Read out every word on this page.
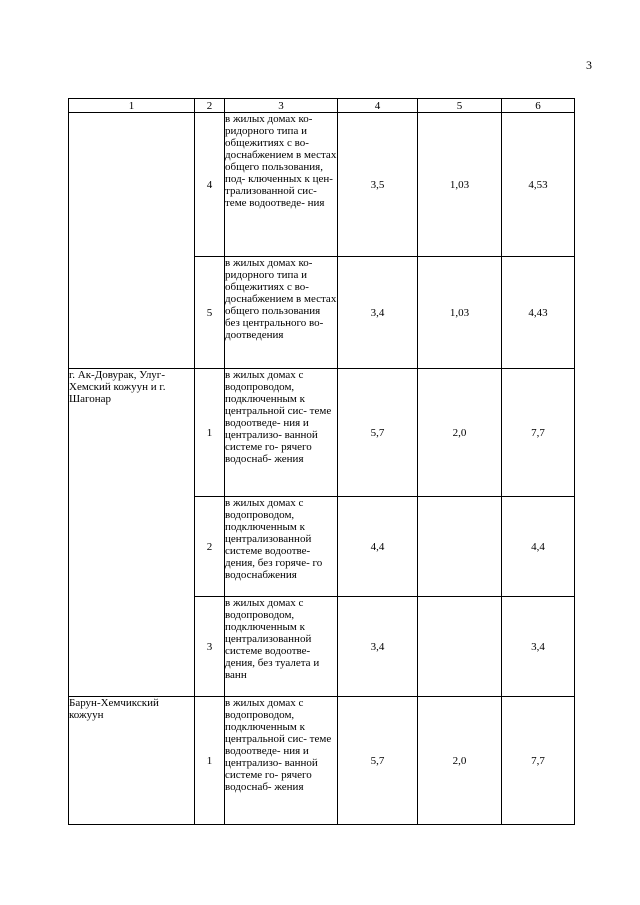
3
1	2	3	4	5	6
	4	в жилых домах ко- ридорного типа и общежитиях с во- доснабжением в местах общего пользования, под- ключенных к цен- трализованной сис- теме водоотведе- ния	3,5	1,03	4,53
	5	в жилых домах ко- ридорного типа и общежитиях с во- доснабжением в местах общего пользования без центрального во- доотведения	3,4	1,03	4,43
г. Ак-Довурак, Улуг-Хемский кожуун и г. Шагонар	1	в жилых домах с водопроводом, подключенным к центральной сис- теме водоотведе- ния и централизо- ванной системе го- рячего водоснаб- жения	5,7	2,0	7,7
	2	в жилых домах с водопроводом, подключенным к централизованной системе водоотве- дения, без горяче- го водоснабжения	4,4		4,4
	3	в жилых домах с водопроводом, подключенным к централизованной системе водоотве- дения, без туалета и ванн	3,4		3,4
Барун-Хемчикский кожуун	1	в жилых домах с водопроводом, подключенным к центральной сис- теме водоотведе- ния и централизо- ванной системе го- рячего водоснаб- жения	5,7	2,0	7,7
